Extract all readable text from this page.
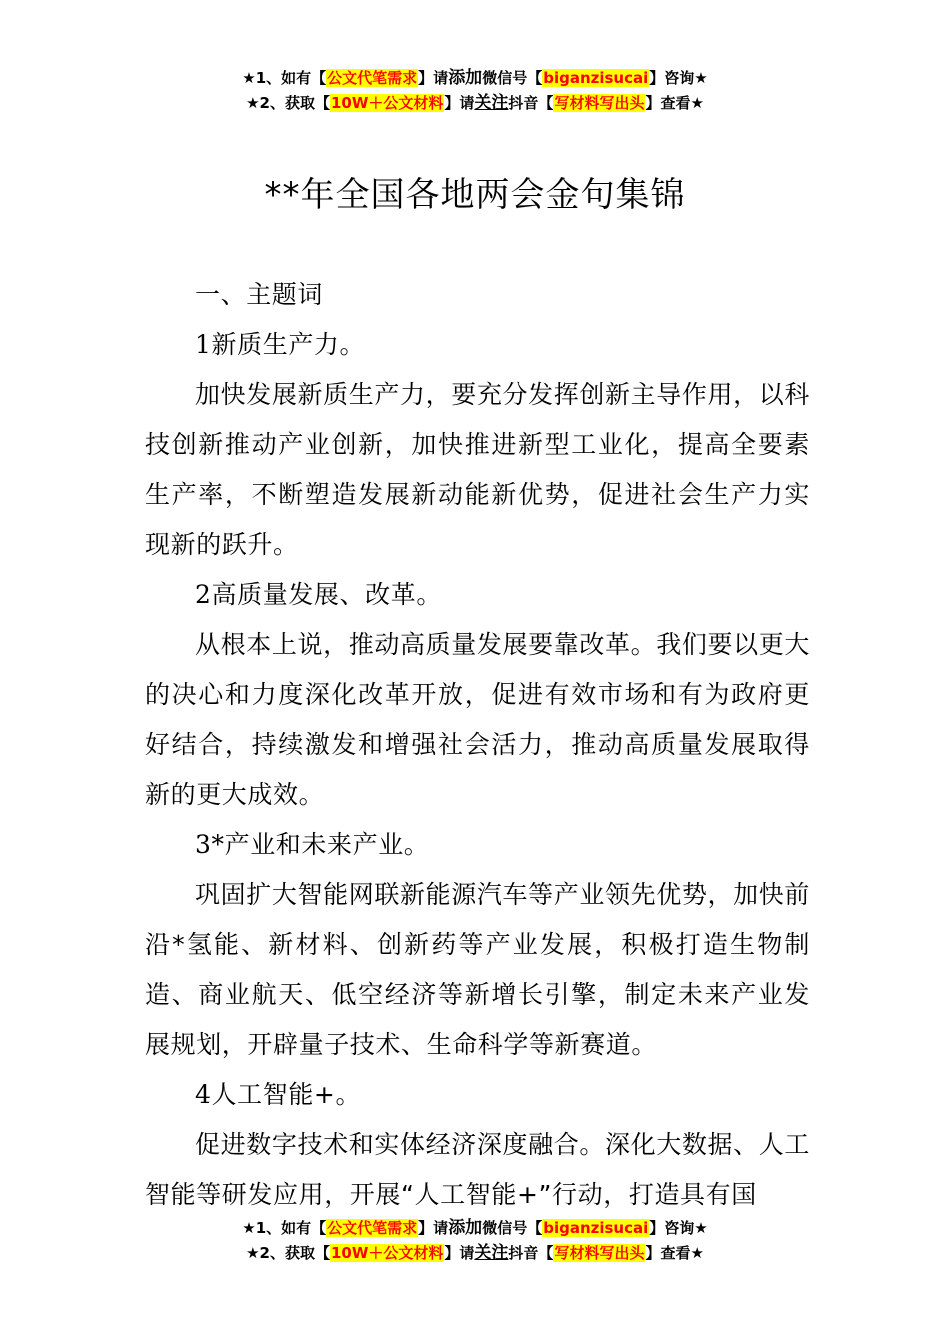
★1、如有【公文代笔需求】请添加微信号【biganzisucai】咨询★
★2、获取【10W＋公文材料】请关注抖音【写材料写出头】查看★
**年全国各地两会金句集锦

一、主题词

1新质生产力。

加快发展新质生产力，要充分发挥创新主导作用，以科技创新推动产业创新，加快推进新型工业化，提高全要素生产率，不断塑造发展新动能新优势，促进社会生产力实现新的跃升。

2高质量发展、改革。

从根本上说，推动高质量发展要靠改革。我们要以更大的决心和力度深化改革开放，促进有效市场和有为政府更好结合，持续激发和增强社会活力，推动高质量发展取得新的更大成效。

3*产业和未来产业。

巩固扩大智能网联新能源汽车等产业领先优势，加快前沿*氢能、新材料、创新药等产业发展，积极打造生物制造、商业航天、低空经济等新增长引擎，制定未来产业发展规划，开辟量子技术、生命科学等新赛道。

4人工智能+。

促进数字技术和实体经济深度融合。深化大数据、人工智能等研发应用，开展“人工智能+”行动，打造具有国

★1、如有【公文代笔需求】请添加微信号【biganzisucai】咨询★
★2、获取【10W＋公文材料】请关注抖音【写材料写出头】查看★
